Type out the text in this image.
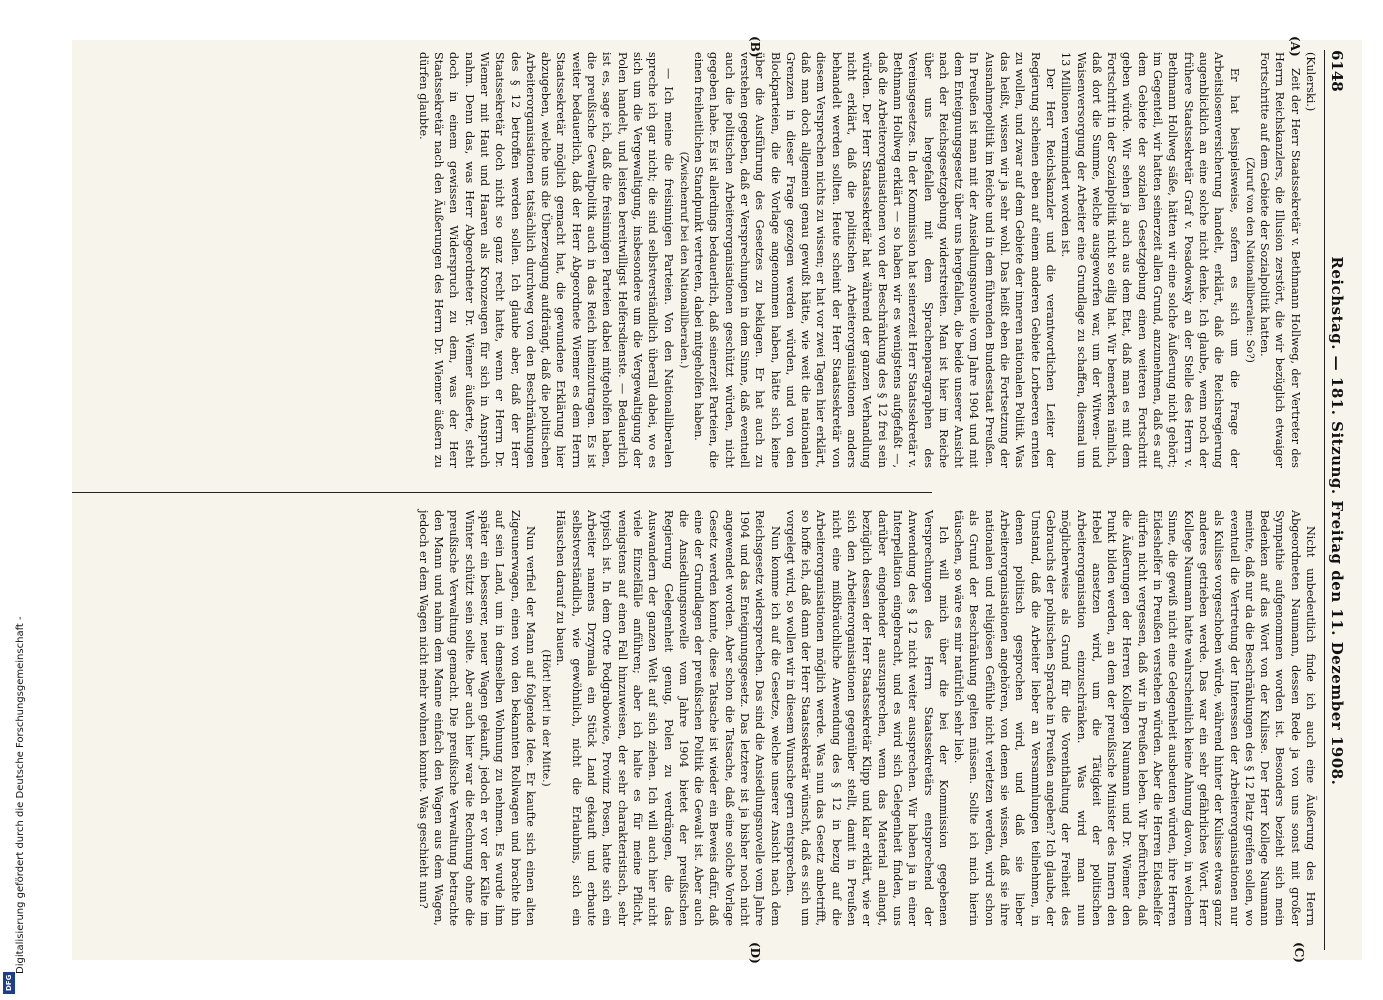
DFG
Digitalisierung gefördert durch die Deutsche Forschungsgemeinschaft -
6148
Reichstag. — 181. Sitzung. Freitag den 11. Dezember 1908.
(A)
(B)
(C)
(D)

(Kulerski.)

Zeit der Herr Staatssekretär v. Bethmann Hollweg, der Vertreter des Herrn Reichskanzlers, die Illusion zerstört, die wir bezüglich etwaiger Fortschritte auf dem Gebiete der Sozialpolitik hatten.

(Zuruf von den Nationalliberalen: So?)

Er hat beispielsweise, sofern es sich um die Frage der Arbeitslosenversicherung handelt, erklärt, daß die Reichsregierung augenblicklich an eine solche nicht denke. Ich glaube, wenn noch der frühere Staatssekretär Graf v. Posadowsky an der Stelle des Herrn v. Bethmann Hollweg säße, hätten wir eine solche Äußerung nicht gehört; im Gegenteil, wir hatten seinerzeit allen Grund, anzunehmen, daß es auf dem Gebiete der sozialen Gesetzgebung einen weiteren Fortschritt geben würde. Wir sehen ja auch aus dem Etat, daß man es mit dem Fortschritt in der Sozialpolitik nicht so eilig hat. Wir bemerken nämlich, daß dort die Summe, welche ausgeworfen war, um der Witwen- und Waisenversorgung der Arbeiter eine Grundlage zu schaffen, diesmal um 13 Millionen vermindert worden ist.

Der Herr Reichskanzler und die verantwortlichen Leiter der Regierung scheinen eben auf einem anderen Gebiete Lorbeeren ernten zu wollen, und zwar auf dem Gebiete der inneren nationalen Politik. Was das heißt, wissen wir ja sehr wohl. Das heißt eben die Fortsetzung der Ausnahmepolitik im Reiche und in dem führenden Bundesstaat Preußen. In Preußen ist man mit der Ansiedlungsnovelle vom Jahre 1904 und mit dem Enteignungsgesetz über uns hergefallen, die beide unserer Ansicht nach der Reichsgesetzgebung widerstreiten. Man ist hier im Reiche über uns hergefallen mit dem Sprachenparagraphen des Vereinsgesetzes. In der Kommission hat seinerzeit Herr Staatssekretär v. Bethmann Hollweg erklärt — so haben wir es wenigstens aufgefaßt —, daß die Arbeiterorganisationen von der Beschränkung des § 12 frei sein würden. Der Herr Staatssekretär hat während der ganzen Verhandlung nicht erklärt, daß die politischen Arbeiterorganisationen anders behandelt werden sollten. Heute scheint der Herr Staatssekretär von diesem Versprechen nichts zu wissen; er hat vor zwei Tagen hier erklärt, daß man doch allgemein genau gewußt hätte, wie weit die nationalen Grenzen in dieser Frage gezogen werden würden, und von den Blockparteien, die die Vorlage angenommen haben, hätte sich keine über die Ausführung des Gesetzes zu beklagen. Er hat auch zu verstehen gegeben, daß er Versprechungen in dem Sinne, daß eventuell auch die politischen Arbeiterorganisationen geschützt würden, nicht gegeben habe. Es ist allerdings bedauerlich, daß seinerzeit Parteien, die einen freiheitlichen Standpunkt vertreten, dabei mitgeholfen haben.

(Zwischenruf bei den Nationalliberalen.)

— Ich meine die freisinnigen Parteien. Von den Nationalliberalen spreche ich gar nicht; die sind selbstverständlich überall dabei, wo es sich um die Vergewaltigung, insbesondere um die Vergewaltigung der Polen handelt, und leisten bereitwilligst Helfersdienste. — Bedauerlich ist es, sage ich, daß die freisinnigen Parteien dabei mitgeholfen haben, die preußische Gewaltpolitik auch in das Reich hineinzutragen. Es ist weiter bedauerlich, daß der Herr Abgeordnete Wiemer es dem Herrn Staatssekretär möglich gemacht hat, die gewundene Erklärung hier abzugeben, welche uns die Überzeugung aufdrängt, daß die politischen Arbeiterorganisationen tatsächlich durchweg von den Beschränkungen des § 12 betroffen werden sollen. Ich glaube aber, daß der Herr Staatssekretär doch nicht so ganz recht hatte, wenn er Herrn Dr. Wiemer mit Haut und Haaren als Kronzeugen für sich in Anspruch nahm. Denn das, was Herr Abgeordneter Dr. Wiemer äußerte, steht doch in einem gewissen Widerspruch zu dem, was der Herr Staatssekretär nach den Äußerungen des Herrn Dr. Wiemer äußern zu dürfen glaubte.

Nicht unbedeutlich finde ich auch eine Äußerung des Herrn Abgeordneten Naumann, dessen Rede ja von uns sonst mit großer Sympathie aufgenommen worden ist. Besonders bezieht sich mein Bedenken auf das Wort von der Kulisse. Der Herr Kollege Naumann meinte, daß nur da die Beschränkungen des § 12 Platz greifen sollen, wo eventuell die Vertretung der Interessen der Arbeiterorganisationen nur als Kulisse vorgeschoben würde, während hinter der Kulisse etwas ganz anderes getrieben werde. Das war ein sehr gefährliches Wort. Herr Kollege Naumann hatte wahrscheinlich keine Ahnung davon, in welchem Sinne, die gewiß nicht eine Gelegenheit ausbeuten würden, ihre Herren Eideshelfer in Preußen verstehen würden. Aber die Herren Eideshelfer dürfen nicht vergessen, daß wir in Preußen leben. Wir befürchten, daß die Äußerungen der Herren Kollegen Naumann und Dr. Wiemer den Punkt bilden werden, an dem der preußische Minister des Innern den Hebel ansetzen wird, um die Tätigkeit der politischen Arbeiterorganisation einzuschränken. Was wird man nun möglicherweise als Grund für die Vorenthaltung der Freiheit des Gebrauchs der polnischen Sprache in Preußen angeben? Ich glaube, der Umstand, daß die Arbeiter lieber an Versammlungen teilnehmen, in denen politisch gesprochen wird, und daß sie lieber Arbeiterorganisationen angehören, von denen sie wissen, daß sie ihre nationalen und religiösen Gefühle nicht verletzen werden, wird schon als Grund der Beschränkung gelten müssen. Sollte ich mich hierin täuschen, so wäre es mir natürlich sehr lieb.

Ich will mich über die bei der Kommission gegebenen Versprechungen des Herrn Staatssekretärs entsprechend der Anwendung des § 12 nicht weiter aussprechen. Wir haben ja in einer Interpellation eingebracht, und es wird sich Gelegenheit finden, uns darüber eingehender auszusprechen, wenn das Material anlangt, bezüglich dessen der Herr Staatssekretär Klipp und klar erklärt, wie er sich den Arbeiterorganisationen gegenüber stellt, damit in Preußen nicht eine mißbräuchliche Anwendung des § 12 in bezug auf die Arbeiterorganisationen möglich werde. Was nun das Gesetz anbetrifft, so hoffe ich, daß dann der Herr Staatssekretär wünscht, daß es sich um vorgelegt wird, so wollen wir in diesem Wunsche gern entsprechen.

Nun komme ich auf die Gesetze, welche unserer Ansicht nach dem Reichsgesetz widersprechen. Das sind die Ansiedlungsnovelle vom Jahre 1904 und das Enteignungsgesetz. Das letztere ist ja bisher noch nicht angewendet worden. Aber schon die Tatsache, daß eine solche Vorlage Gesetz werden konnte, diese Tatsache ist wieder ein Beweis dafür, daß eine der Grundlagen der preußischen Politik die Gewalt ist. Aber auch die Ansiedlungsnovelle vom Jahre 1904 bietet der preußischen Regierung Gelegenheit genug, Polen zu verdrängen, die das Auswandern der ganzen Welt auf sich ziehen. Ich will auch hier nicht viele Einzelfälle anführen; aber ich halte es für meine Pflicht, wenigstens auf einen Fall hinzuweisen, der sehr charakteristisch, sehr typisch ist. In dem Orte Podgrabowice, Provinz Posen, hatte sich ein Arbeiter namens Drzymala ein Stück Land gekauft und erbaute selbstverständlich, wie gewöhnlich, nicht die Erlaubnis, sich ein Häuschen darauf zu bauen.

(Hört! hört! in der Mitte.)

Nun verfiel der Mann auf folgende Idee. Er kaufte sich einen alten Zigeunerwagen, einen von den bekannten Rollwagen und brachte ihn auf sein Land, um in demselben Wohnung zu nehmen. Es wurde ihm später ein besserer, neuer Wagen gekauft, jedoch er vor der Kälte im Winter schützt sein sollte. Aber auch hier war die Rechnung ohne die preußische Verwaltung gemacht. Die preußische Verwaltung betrachte den Mann und nahm dem Manne einfach den Wagen aus dem Wagen, jedoch er dem Wagen nicht mehr wohnen konnte. Was geschieht nun?
